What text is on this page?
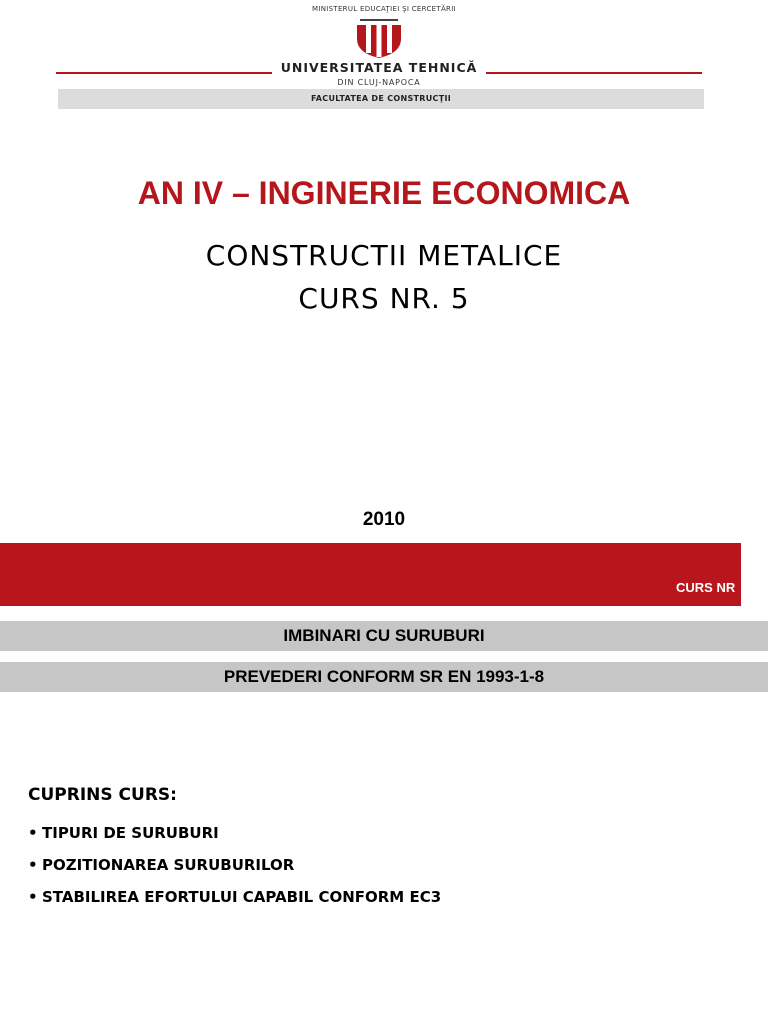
MINISTERUL EDUCAŢIEI ŞI CERCETĂRII
UNIVERSITATEA TEHNICĂ
DIN CLUJ-NAPOCA
FACULTATEA DE CONSTRUCŢII
AN IV – INGINERIE ECONOMICA
CONSTRUCTII METALICE
CURS NR. 5
2010
CURS NR
IMBINARI CU SURUBURI
PREVEDERI CONFORM SR EN 1993-1-8
CUPRINS CURS:
• TIPURI DE SURUBURI
• POZITIONAREA SURUBURILOR
• STABILIREA EFORTULUI CAPABIL CONFORM EC3
